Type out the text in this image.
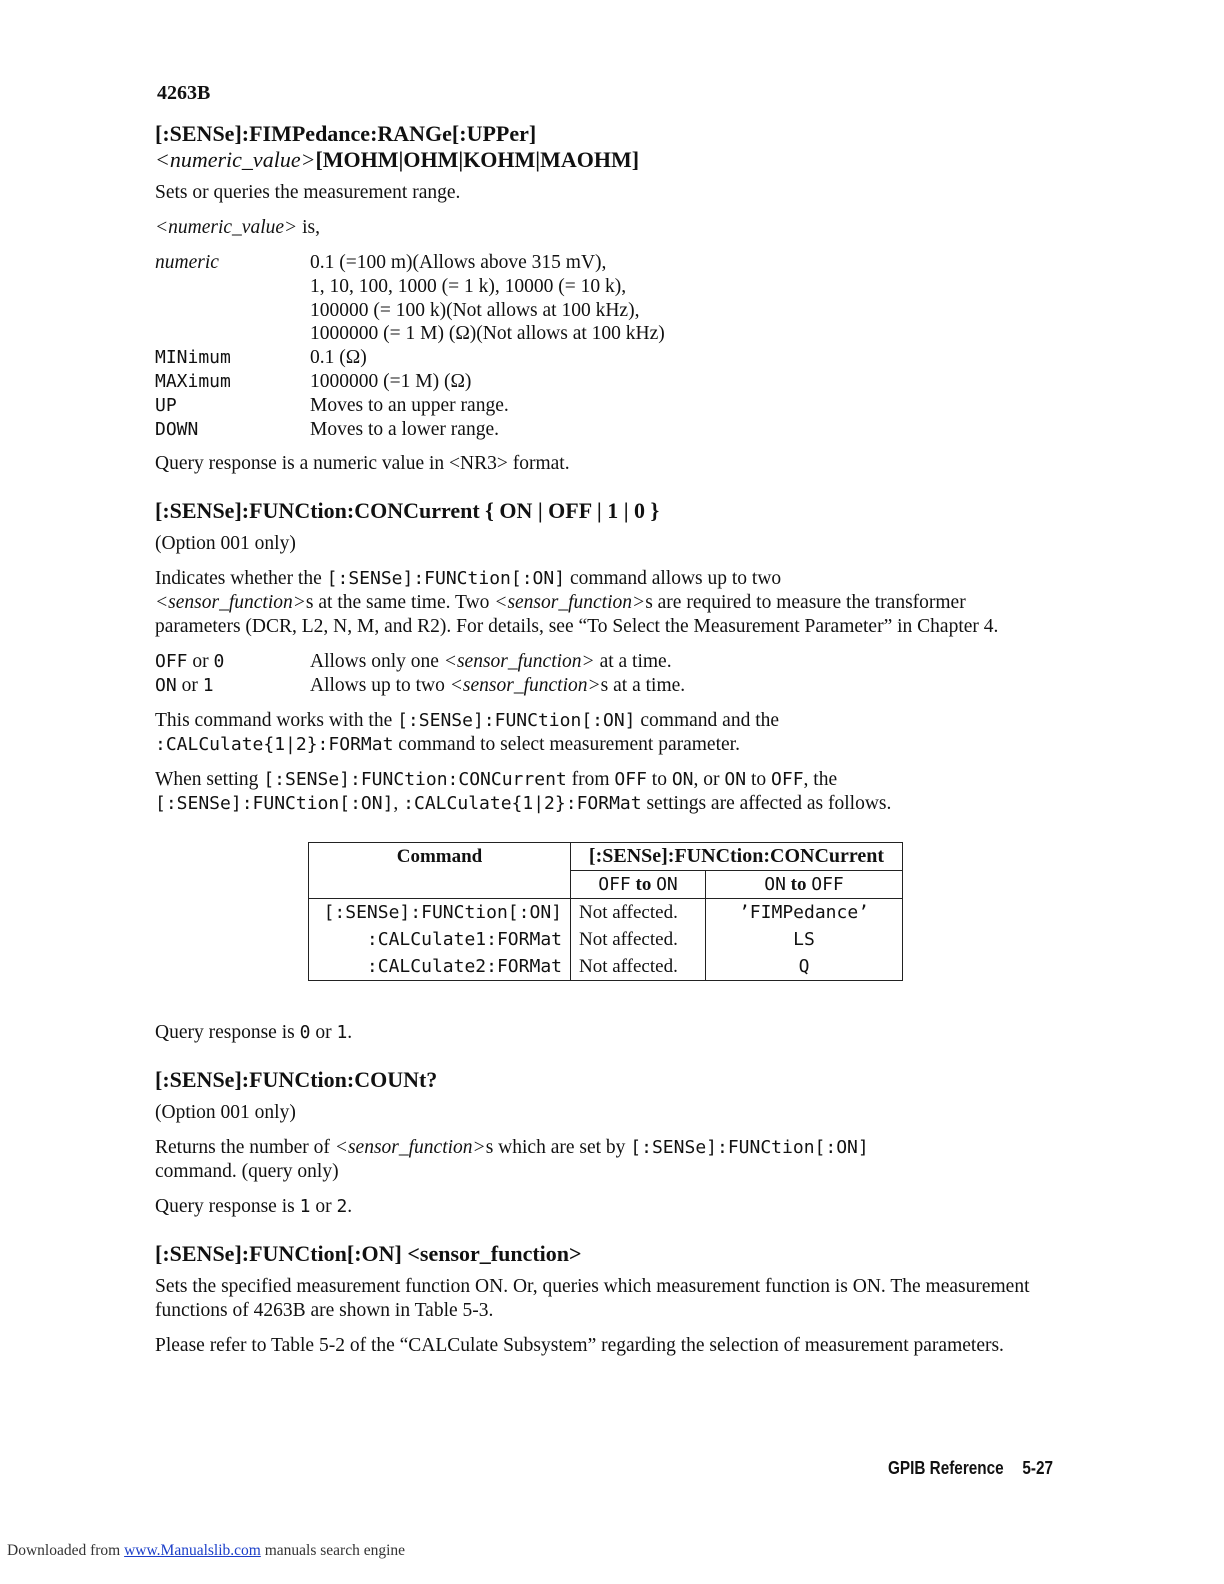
4263B
[:SENSe]:FIMPedance:RANGe[:UPPer]
<numeric_value>[MOHM|OHM|KOHM|MAOHM]

Sets or queries the measurement range.

<numeric_value> is,

numeric	0.1 (=100 m)(Allows above 315 mV),
1, 10, 100, 1000 (= 1 k), 10000 (= 10 k),
100000 (= 100 k)(Not allows at 100 kHz),
1000000 (= 1 M) (Ω)(Not allows at 100 kHz)
MINimum	0.1 (Ω)
MAXimum	1000000 (=1 M) (Ω)
UP	Moves to an upper range.
DOWN	Moves to a lower range.

Query response is a numeric value in <NR3> format.

[:SENSe]:FUNCtion:CONCurrent { ON | OFF | 1 | 0 }

(Option 001 only)

Indicates whether the [:SENSe]:FUNCtion[:ON] command allows up to two
<sensor_function>s at the same time. Two <sensor_function>s are required to measure the transformer parameters (DCR, L2, N, M, and R2). For details, see “To Select the Measurement Parameter” in Chapter 4.

OFF or 0	Allows only one <sensor_function> at a time.
ON or 1	Allows up to two <sensor_function>s at a time.

This command works with the [:SENSe]:FUNCtion[:ON] command and the
:CALCulate{1|2}:FORMat command to select measurement parameter.

When setting [:SENSe]:FUNCtion:CONCurrent from OFF to ON, or ON to OFF, the
[:SENSe]:FUNCtion[:ON], :CALCulate{1|2}:FORMat settings are affected as follows.

Command	[:SENSe]:FUNCtion:CONCurrent	
	OFF to ON	ON to OFF
[:SENSe]:FUNCtion[:ON]	Not affected.	’FIMPedance’
:CALCulate1:FORMat	Not affected.	LS
:CALCulate2:FORMat	Not affected.	Q

Query response is 0 or 1.

[:SENSe]:FUNCtion:COUNt?

(Option 001 only)

Returns the number of <sensor_function>s which are set by [:SENSe]:FUNCtion[:ON]
command. (query only)

Query response is 1 or 2.

[:SENSe]:FUNCtion[:ON] <sensor_function>

Sets the specified measurement function ON. Or, queries which measurement function is ON. The measurement functions of 4263B are shown in Table 5-3.

Please refer to Table 5-2 of the “CALCulate Subsystem” regarding the selection of measurement parameters.

GPIB Reference 5-27
Downloaded from www.Manualslib.com manuals search engine
